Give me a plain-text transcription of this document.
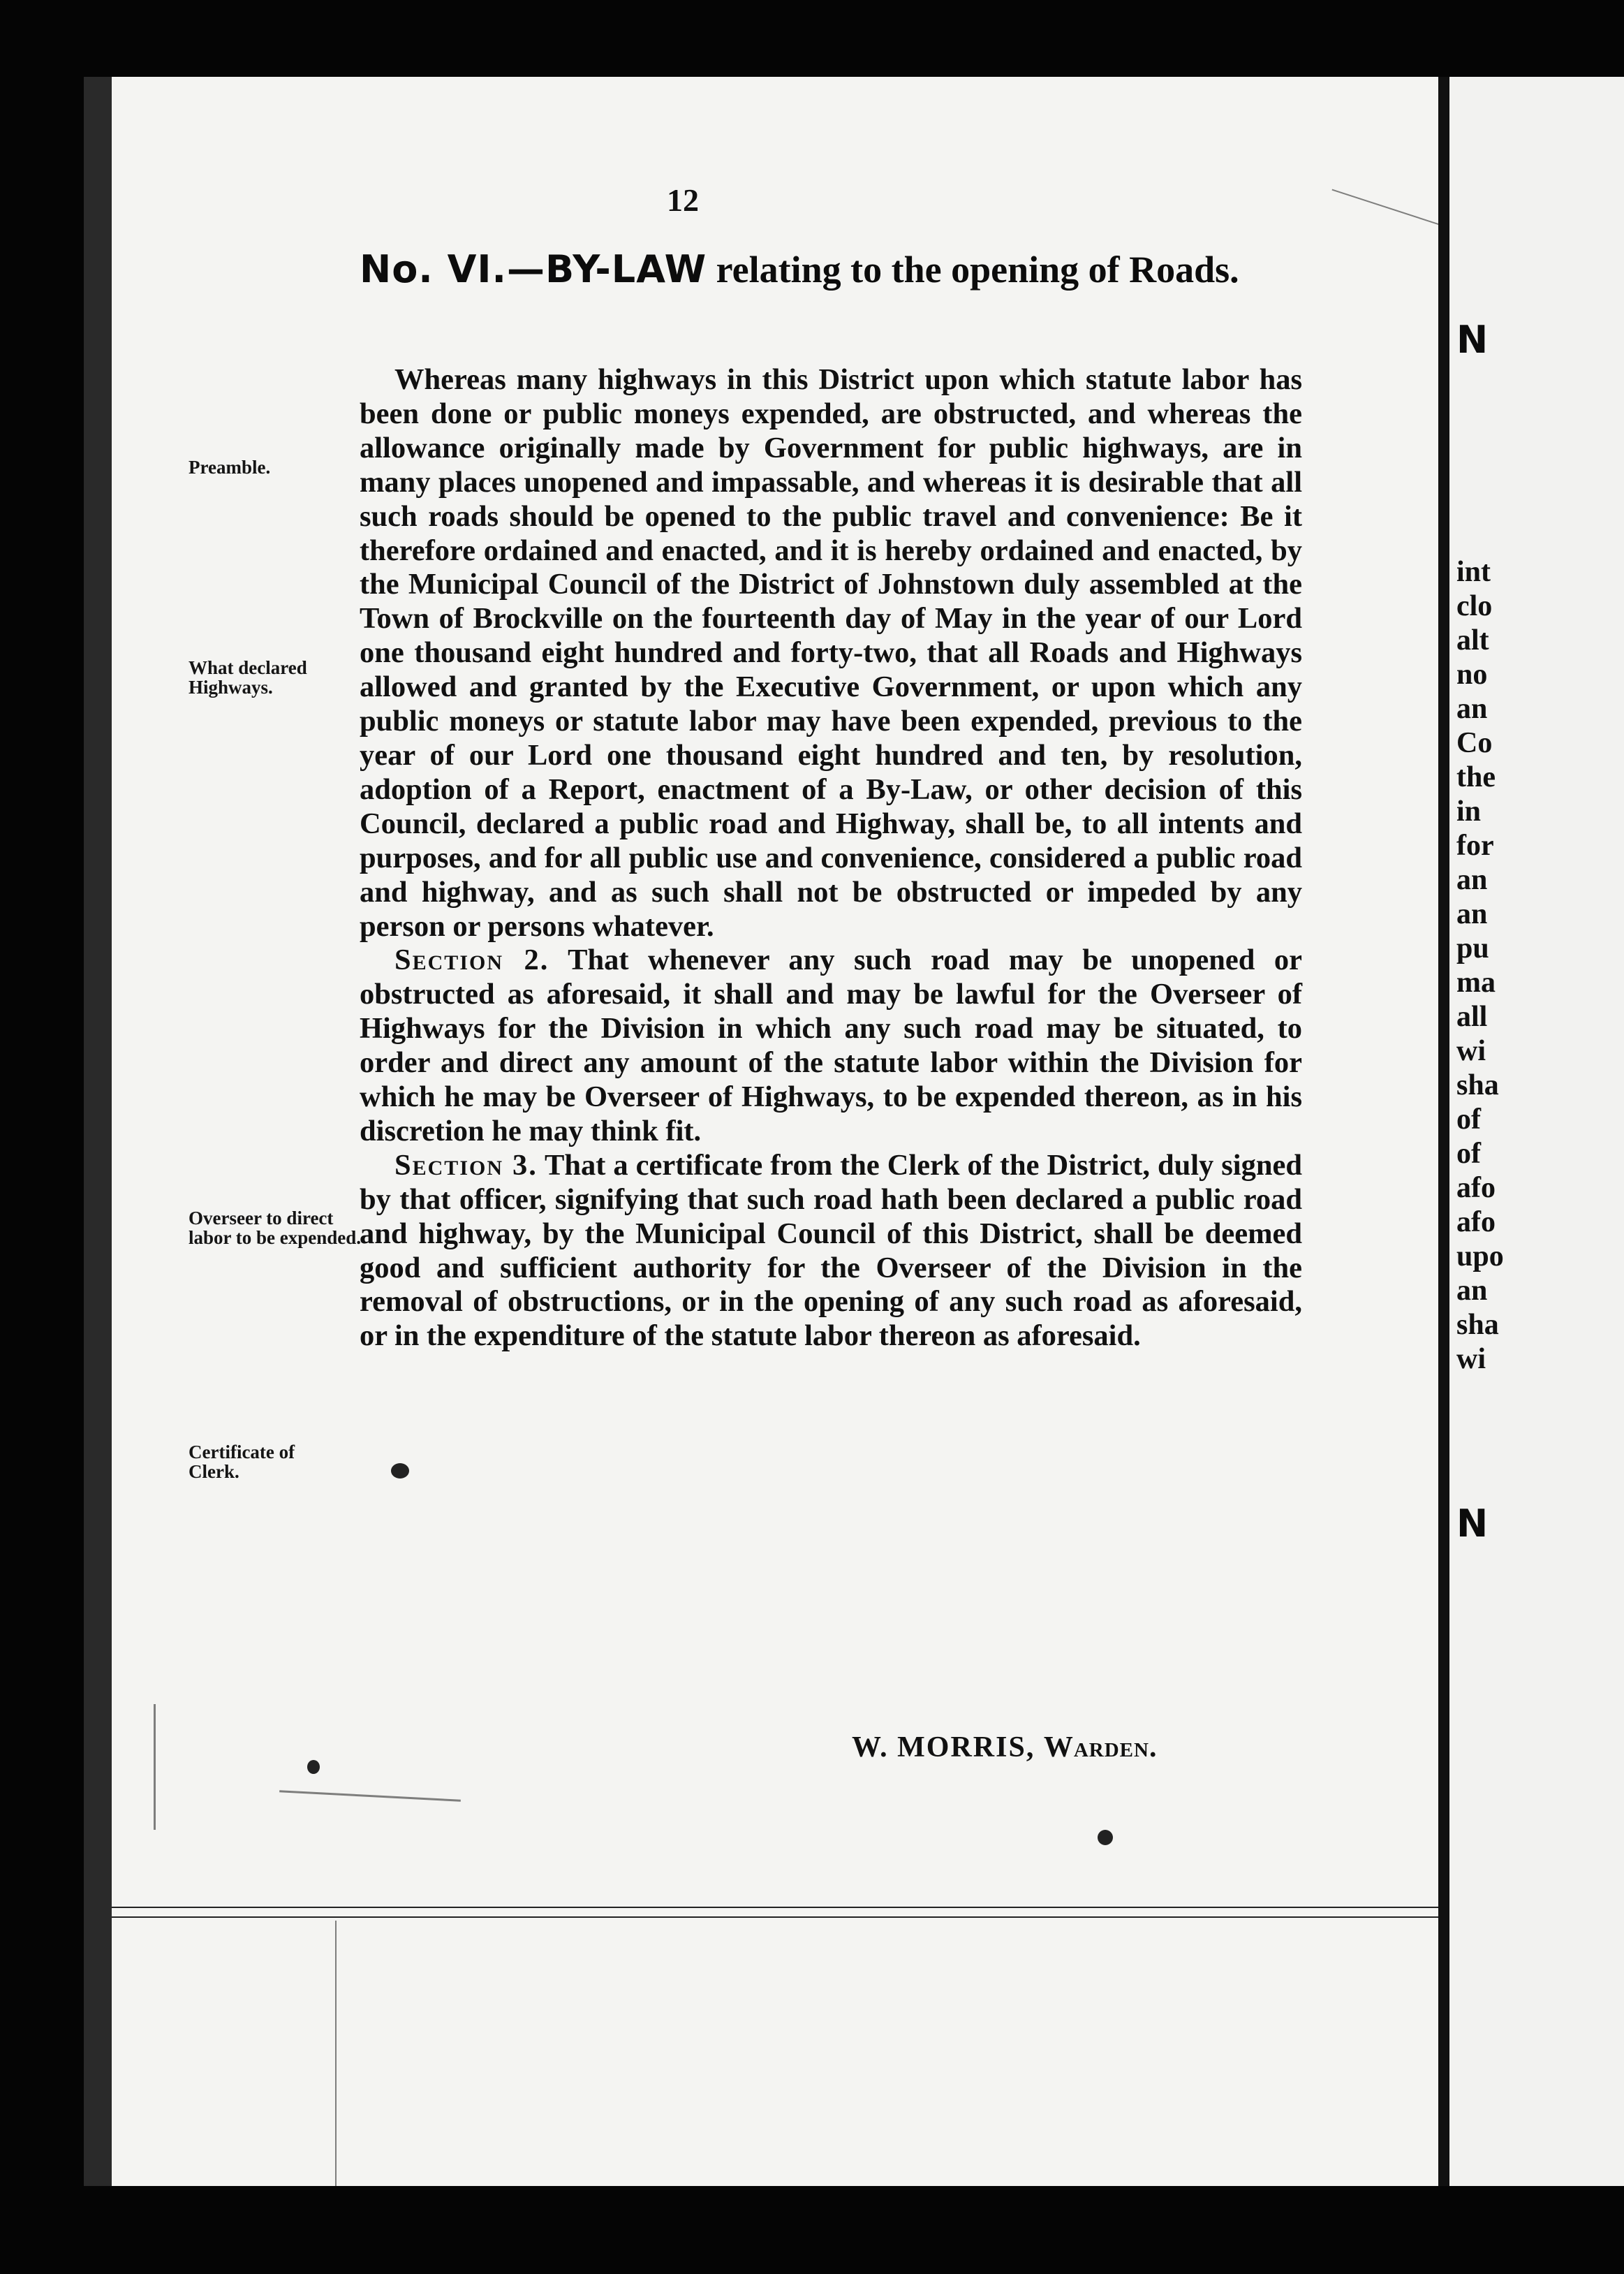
12
No. VI.—BY-LAW relating to the opening of Roads.
Preamble.
What declared Highways.
Overseer to direct labor to be expended.
Certificate of Clerk.

Whereas many highways in this District upon which statute labor has been done or public moneys expended, are obstructed, and whereas the allowance originally made by Government for public highways, are in many places unopened and impassable, and whereas it is desirable that all such roads should be opened to the public travel and convenience: Be it therefore ordained and enacted, and it is hereby ordained and enacted, by the Municipal Council of the District of Johnstown duly assembled at the Town of Brockville on the fourteenth day of May in the year of our Lord one thousand eight hundred and forty-two, that all Roads and Highways allowed and granted by the Executive Government, or upon which any public moneys or statute labor may have been expended, previous to the year of our Lord one thousand eight hundred and ten, by resolution, adoption of a Report, enactment of a By-Law, or other decision of this Council, declared a public road and Highway, shall be, to all intents and purposes, and for all public use and convenience, considered a public road and highway, and as such shall not be obstructed or impeded by any person or persons whatever.

Section 2. That whenever any such road may be unopened or obstructed as aforesaid, it shall and may be lawful for the Overseer of Highways for the Division in which any such road may be situated, to order and direct any amount of the statute labor within the Division for which he may be Overseer of Highways, to be expended thereon, as in his discretion he may think fit.

Section 3. That a certificate from the Clerk of the District, duly signed by that officer, signifying that such road hath been declared a public road and highway, by the Municipal Council of this District, shall be deemed good and sufficient authority for the Overseer of the Division in the removal of obstructions, or in the opening of any such road as aforesaid, or in the expenditure of the statute labor thereon as aforesaid.

W. MORRIS, Warden.
N
N
int
clo
alt
no
an
Co
the
in
for
an
an
pu
ma
all
wi
sha
of
of
afo
afo
upo
an
sha
wi
